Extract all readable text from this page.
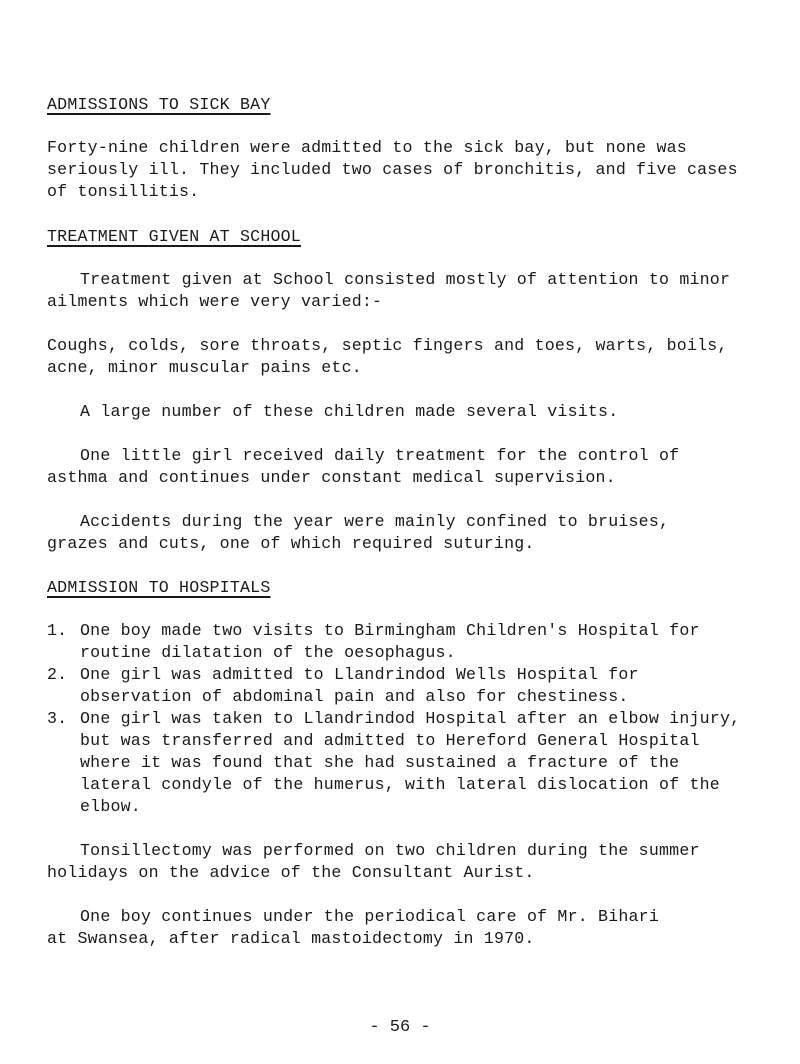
ADMISSIONS TO SICK BAY
Forty-nine children were admitted to the sick bay, but none was
seriously ill. They included two cases of bronchitis, and five cases
of tonsillitis.
TREATMENT GIVEN AT SCHOOL
Treatment given at School consisted mostly of attention to minor
ailments which were very varied:-
Coughs, colds, sore throats, septic fingers and toes, warts, boils,
acne, minor muscular pains etc.
A large number of these children made several visits.
One little girl received daily treatment for the control of
asthma and continues under constant medical supervision.
Accidents during the year were mainly confined to bruises,
grazes and cuts, one of which required suturing.
ADMISSION TO HOSPITALS
1. One boy made two visits to Birmingham Children's Hospital for
routine dilatation of the oesophagus.
2. One girl was admitted to Llandrindod Wells Hospital for
observation of abdominal pain and also for chestiness.
3. One girl was taken to Llandrindod Hospital after an elbow injury,
but was transferred and admitted to Hereford General Hospital
where it was found that she had sustained a fracture of the
lateral condyle of the humerus, with lateral dislocation of the
elbow.
Tonsillectomy was performed on two children during the summer
holidays on the advice of the Consultant Aurist.
One boy continues under the periodical care of Mr. Bihari
at Swansea, after radical mastoidectomy in 1970.
- 56 -
